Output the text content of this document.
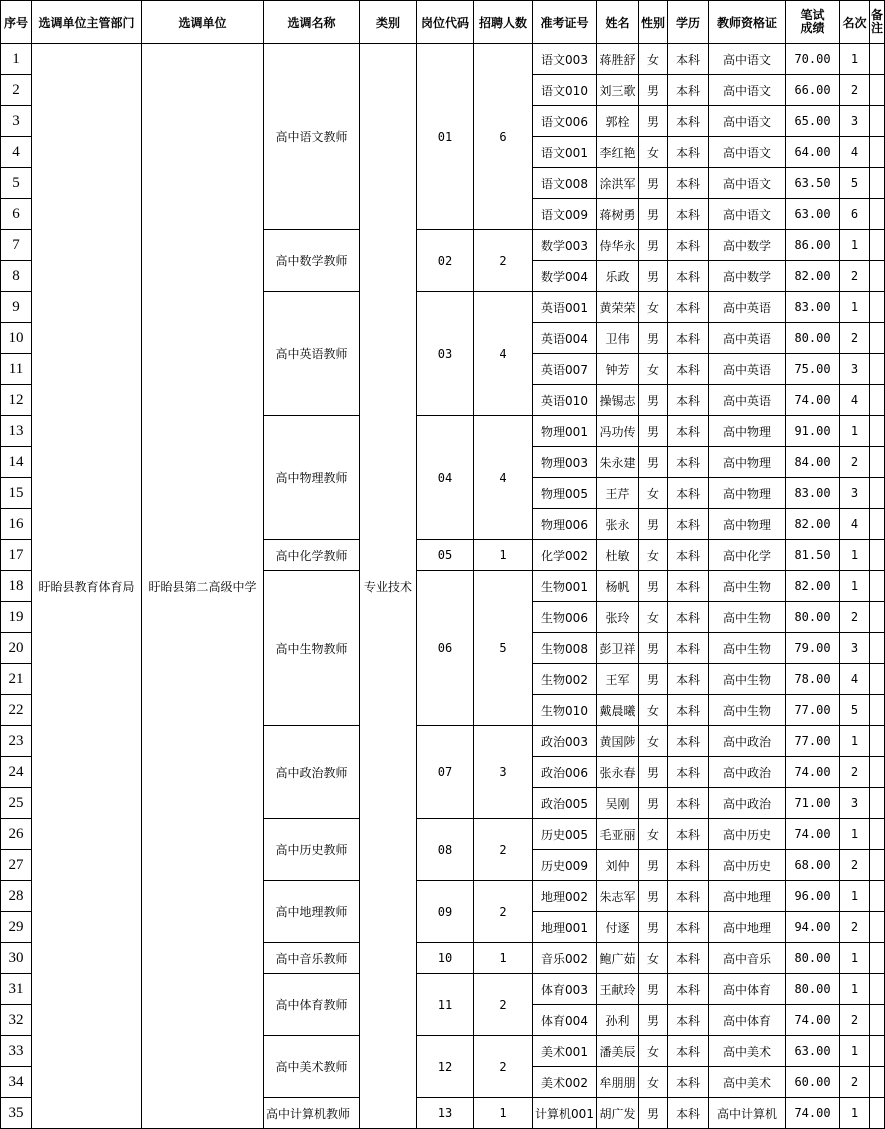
序号	选调单位主管部门	选调单位	选调名称	类别	岗位代码	招聘人数	准考证号	姓名	性别	学历	教师资格证	笔试成绩	名次	备注
1	盱眙县教育体育局	盱眙县第二高级中学	高中语文教师	专业技术	01	6	语文003	蒋胜舒	女	本科	高中语文	70.00	1	
2							语文010	刘三歌	男	本科	高中语文	66.00	2	
3							语文006	郭栓	男	本科	高中语文	65.00	3	
4							语文001	李红艳	女	本科	高中语文	64.00	4	
5							语文008	涂洪军	男	本科	高中语文	63.50	5	
6							语文009	蒋树勇	男	本科	高中语文	63.00	6	
7			高中数学教师		02	2	数学003	侍华永	男	本科	高中数学	86.00	1	
8							数学004	乐政	男	本科	高中数学	82.00	2	
9			高中英语教师		03	4	英语001	黄荣荣	女	本科	高中英语	83.00	1	
10							英语004	卫伟	男	本科	高中英语	80.00	2	
11							英语007	钟芳	女	本科	高中英语	75.00	3	
12							英语010	操锡志	男	本科	高中英语	74.00	4	
13			高中物理教师		04	4	物理001	冯功传	男	本科	高中物理	91.00	1	
14							物理003	朱永建	男	本科	高中物理	84.00	2	
15							物理005	王芹	女	本科	高中物理	83.00	3	
16							物理006	张永	男	本科	高中物理	82.00	4	
17			高中化学教师		05	1	化学002	杜敏	女	本科	高中化学	81.50	1	
18			高中生物教师		06	5	生物001	杨帆	男	本科	高中生物	82.00	1	
19							生物006	张玲	女	本科	高中生物	80.00	2	
20							生物008	彭卫祥	男	本科	高中生物	79.00	3	
21							生物002	王军	男	本科	高中生物	78.00	4	
22							生物010	戴晨曦	女	本科	高中生物	77.00	5	
23			高中政治教师		07	3	政治003	黄国陟	女	本科	高中政治	77.00	1	
24							政治006	张永春	男	本科	高中政治	74.00	2	
25							政治005	吴刚	男	本科	高中政治	71.00	3	
26			高中历史教师		08	2	历史005	毛亚丽	女	本科	高中历史	74.00	1	
27							历史009	刘仲	男	本科	高中历史	68.00	2	
28			高中地理教师		09	2	地理002	朱志军	男	本科	高中地理	96.00	1	
29							地理001	付逐	男	本科	高中地理	94.00	2	
30			高中音乐教师		10	1	音乐002	鲍广茹	女	本科	高中音乐	80.00	1	
31			高中体育教师		11	2	体育003	王献玲	男	本科	高中体育	80.00	1	
32							体育004	孙利	男	本科	高中体育	74.00	2	
33			高中美术教师		12	2	美术001	潘美辰	女	本科	高中美术	63.00	1	
34							美术002	牟朋朋	女	本科	高中美术	60.00	2	
35			高中计算机教师		13	1	计算机001	胡广发	男	本科	高中计算机	74.00	1	
